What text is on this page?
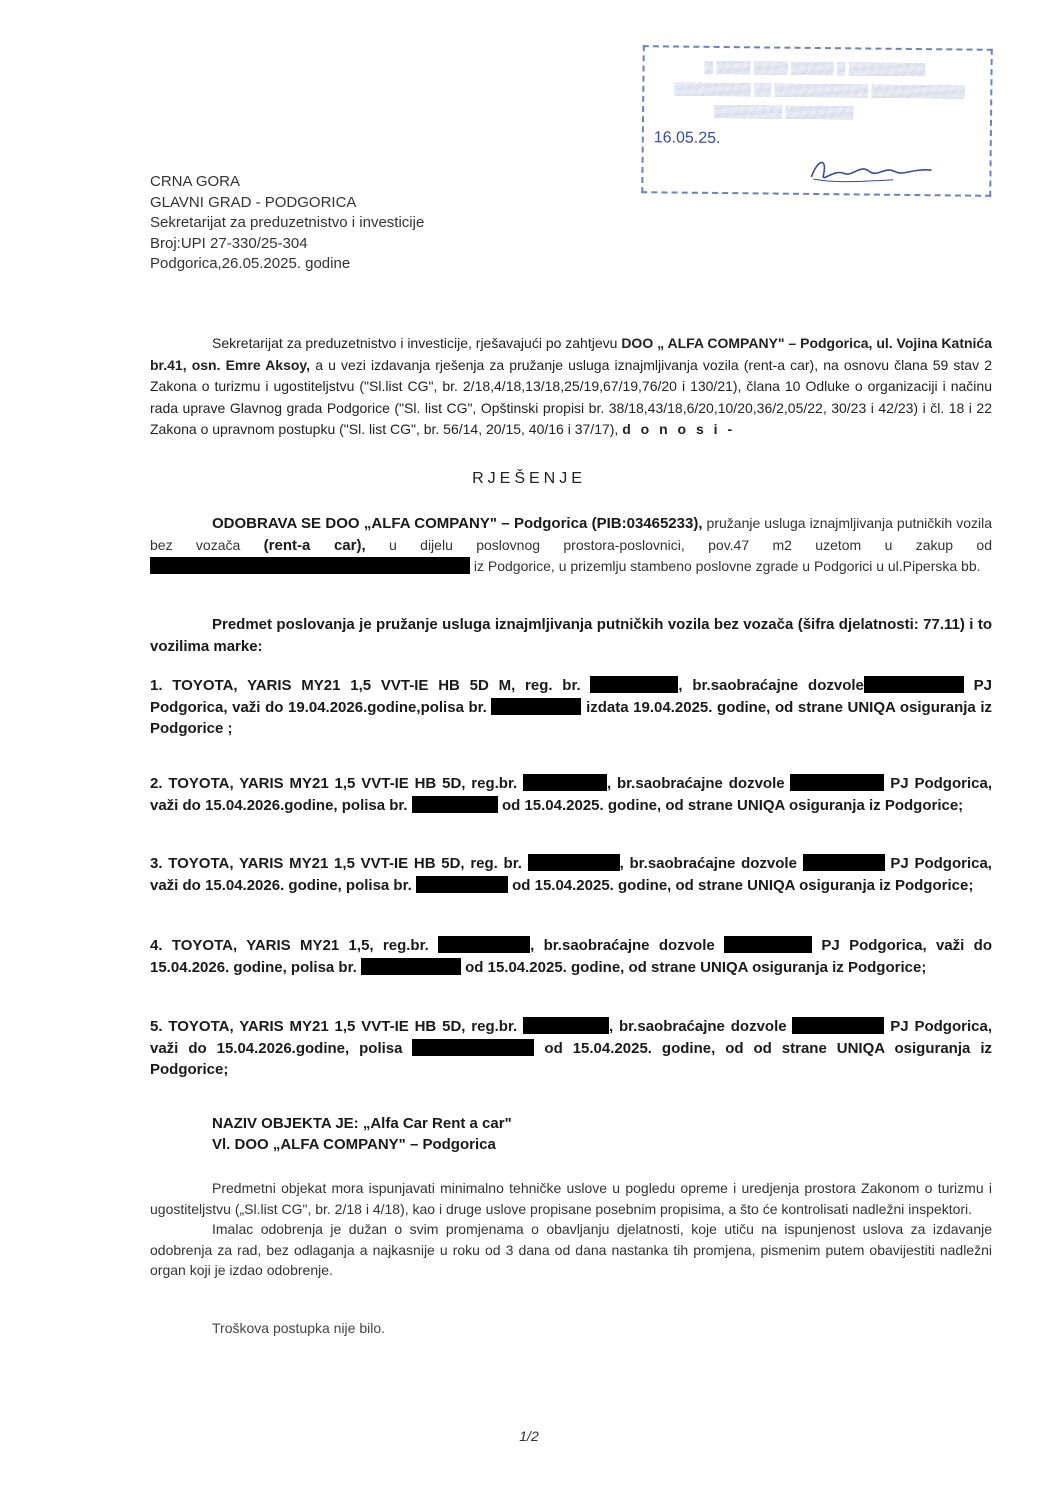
▒ ▒▒▒▒ ▒▒▒▒ ▒▒▒▒▒ ▒ ▒▒▒▒▒▒▒▒▒
▒▒▒▒▒▒▒▒▒ ▒▒ ▒▒▒▒▒▒▒▒▒▒▒ ▒▒▒▒▒▒▒▒▒▒▒
▒▒▒▒▒▒▒▒ ▒▒▒▒▒▒▒▒
16.05.25.
CRNA GORA
GLAVNI GRAD - PODGORICA
Sekretarijat za preduzetnistvo i investicije
Broj:UPI 27-330/25-304
Podgorica,26.05.2025. godine
Sekretarijat za preduzetnistvo i investicije, rješavajući po zahtjevu DOO „ ALFA COMPANY" – Podgorica, ul. Vojina Katnića br.41, osn. Emre Aksoy, a u vezi izdavanja rješenja za pružanje usluga iznajmljivanja vozila (rent-a car), na osnovu člana 59 stav 2 Zakona o turizmu i ugostiteljstvu ("Sl.list CG", br. 2/18,4/18,13/18,25/19,67/19,76/20 i 130/21), člana 10 Odluke o organizaciji i načinu rada uprave Glavnog grada Podgorice ("Sl. list CG", Opštinski propisi br. 38/18,43/18,6/20,10/20,36/2,05/22, 30/23 i 42/23) i čl. 18 i 22 Zakona o upravnom postupku ("Sl. list CG", br. 56/14, 20/15, 40/16 i 37/17), d o n o s i -
RJEŠENJE

ODOBRAVA SE DOO „ALFA COMPANY" – Podgorica (PIB:03465233), pružanje usluga iznajmljivanja putničkih vozila bez vozača (rent-a car), u dijelu poslovnog prostora-poslovnici, pov.47 m2 uzetom u zakup od  iz Podgorice, u prizemlju stambeno poslovne zgrade u Podgorici u ul.Piperska bb.

Predmet poslovanja je pružanje usluga iznajmljivanja putničkih vozila bez vozača (šifra djelatnosti: 77.11) i to vozilima marke:

1. TOYOTA, YARIS MY21 1,5 VVT-IE HB 5D M, reg. br.	, br.saobraćajne dozvole	PJ Podgorica, važi do 19.04.2026.godine,polisa br.	izdata 19.04.2025. godine, od strane UNIQA osiguranja iz Podgorice ;

2. TOYOTA, YARIS MY21 1,5 VVT-IE HB 5D, reg.br.	, br.saobraćajne dozvole	PJ Podgorica, važi do 15.04.2026.godine, polisa br.	od 15.04.2025. godine, od strane UNIQA osiguranja iz Podgorice;

3. TOYOTA, YARIS MY21 1,5 VVT-IE HB 5D, reg. br.	, br.saobraćajne dozvole	PJ Podgorica, važi do 15.04.2026. godine, polisa br.	od 15.04.2025. godine, od strane UNIQA osiguranja iz Podgorice;

4. TOYOTA, YARIS MY21 1,5, reg.br.	, br.saobraćajne dozvole	PJ Podgorica, važi do 15.04.2026. godine, polisa br.	od 15.04.2025. godine, od strane UNIQA osiguranja iz Podgorice;

5. TOYOTA, YARIS MY21 1,5 VVT-IE HB 5D, reg.br.	, br.saobraćajne dozvole	PJ Podgorica, važi do 15.04.2026.godine, polisa	od 15.04.2025. godine, od od strane UNIQA osiguranja iz Podgorice;

NAZIV OBJEKTA JE: „Alfa Car Rent a car"
Vl. DOO „ALFA COMPANY" – Podgorica

Predmetni objekat mora ispunjavati minimalno tehničke uslove u pogledu opreme i uredjenja prostora Zakonom o turizmu i ugostiteljstvu („Sl.list CG", br. 2/18 i 4/18), kao i druge uslove propisane posebnim propisima, a što će kontrolisati nadležni inspektori.

Imalac odobrenja je dužan o svim promjenama o obavljanju djelatnosti, koje utiču na ispunjenost uslova za izdavanje odobrenja za rad, bez odlaganja a najkasnije u roku od 3 dana od dana nastanka tih promjena, pismenim putem obavijestiti nadležni organ koji je izdao odobrenje.

Troškova postupka nije bilo.
1/2
